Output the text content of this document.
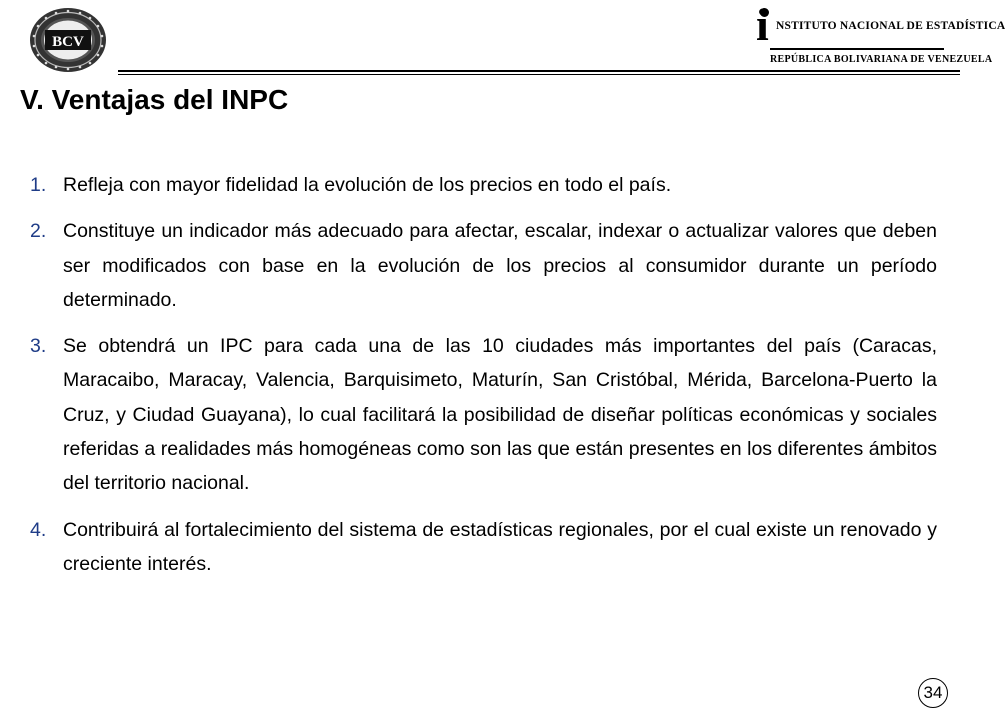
BCV	i NSTITUTO NACIONAL DE ESTADÍSTICA
REPÚBLICA BOLIVARIANA DE VENEZUELA
V. Ventajas del INPC
1. Refleja con mayor fidelidad la evolución de los precios en todo el país.
2. Constituye un indicador más adecuado para afectar, escalar, indexar o actualizar valores que deben ser modificados con base en la evolución de los precios al consumidor durante un período determinado.
3. Se obtendrá un IPC para cada una de las 10 ciudades más importantes del país (Caracas, Maracaibo, Maracay, Valencia, Barquisimeto, Maturín, San Cristóbal, Mérida, Barcelona-Puerto la Cruz, y Ciudad Guayana), lo cual facilitará la posibilidad de diseñar políticas económicas y sociales referidas a realidades más homogéneas como son las que están presentes en los diferentes ámbitos del territorio nacional.
4. Contribuirá al fortalecimiento del sistema de estadísticas regionales, por el cual existe un renovado y creciente interés.
34
